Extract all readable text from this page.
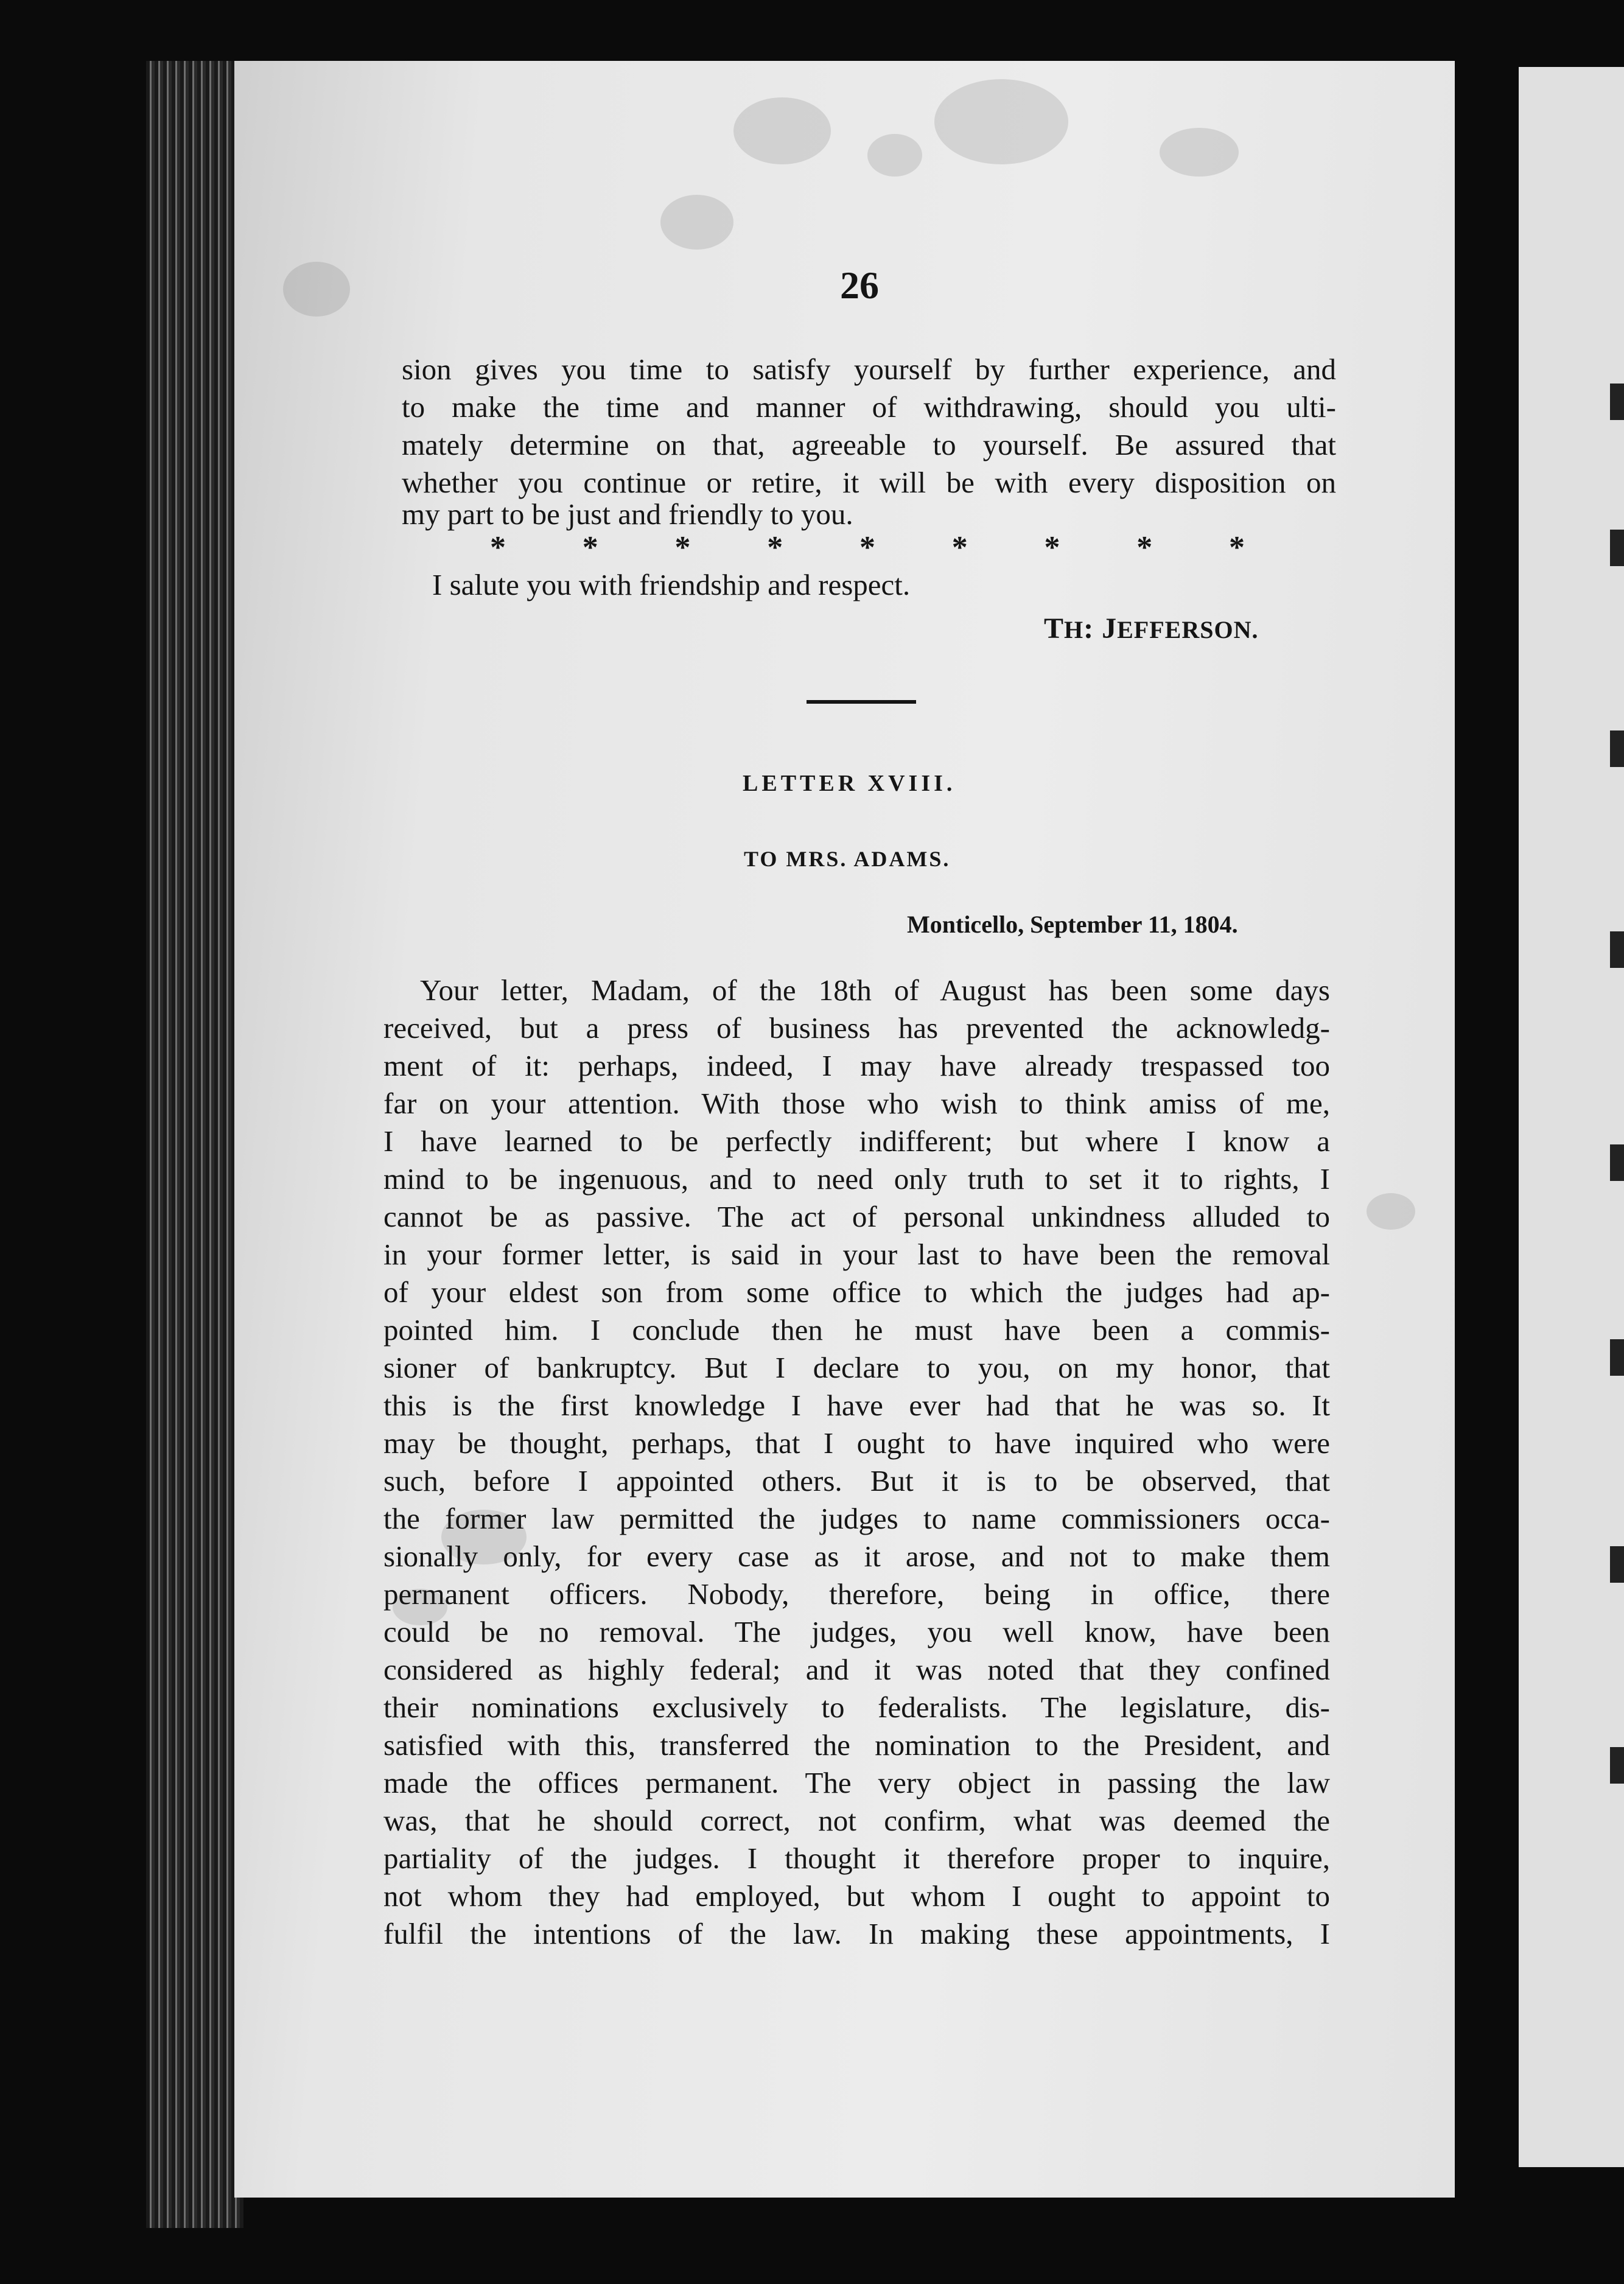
26
sion gives you time to satisfy yourself by further experience, and
to make the time and manner of withdrawing, should you ulti-
mately determine on that, agreeable to yourself. Be assured that
whether you continue or retire, it will be with every disposition on
my part to be just and friendly to you.
* * * * * * * * *
I salute you with friendship and respect.
TH: JEFFERSON.
LETTER XVIII.
TO MRS. ADAMS.
Monticello, September 11, 1804.
Your letter, Madam, of the 18th of August has been some days
received, but a press of business has prevented the acknowledg-
ment of it: perhaps, indeed, I may have already trespassed too
far on your attention. With those who wish to think amiss of me,
I have learned to be perfectly indifferent; but where I know a
mind to be ingenuous, and to need only truth to set it to rights, I
cannot be as passive. The act of personal unkindness alluded to
in your former letter, is said in your last to have been the removal
of your eldest son from some office to which the judges had ap-
pointed him. I conclude then he must have been a commis-
sioner of bankruptcy. But I declare to you, on my honor, that
this is the first knowledge I have ever had that he was so. It
may be thought, perhaps, that I ought to have inquired who were
such, before I appointed others. But it is to be observed, that
the former law permitted the judges to name commissioners occa-
sionally only, for every case as it arose, and not to make them
permanent officers. Nobody, therefore, being in office, there
could be no removal. The judges, you well know, have been
considered as highly federal; and it was noted that they confined
their nominations exclusively to federalists. The legislature, dis-
satisfied with this, transferred the nomination to the President, and
made the offices permanent. The very object in passing the law
was, that he should correct, not confirm, what was deemed the
partiality of the judges. I thought it therefore proper to inquire,
not whom they had employed, but whom I ought to appoint to
fulfil the intentions of the law. In making these appointments, I
